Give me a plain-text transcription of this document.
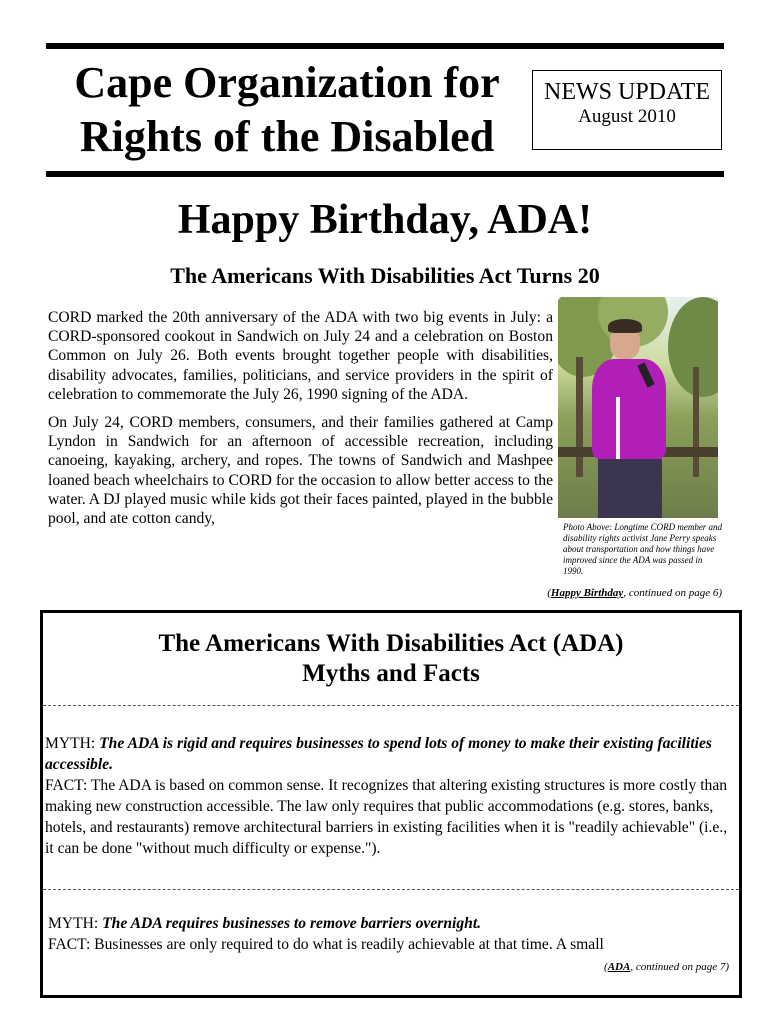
Cape Organization for
Rights of the Disabled
NEWS UPDATE
August 2010
Happy Birthday, ADA!
The Americans With Disabilities Act Turns 20

CORD marked the 20th anniversary of the ADA with two big events in July: a CORD-sponsored cookout in Sandwich on July 24 and a celebration on Boston Common on July 26. Both events brought together people with disabilities, disability advocates, families, politicians, and service providers in the spirit of celebration to commemorate the July 26, 1990 signing of the ADA.

On July 24, CORD members, consumers, and their families gathered at Camp Lyndon in Sandwich for an afternoon of accessible recreation, including canoeing, kayaking, archery, and ropes. The towns of Sandwich and Mashpee loaned beach wheelchairs to CORD for the occasion to allow better access to the water. A DJ played music while kids got their faces painted, played in the bubble pool, and ate cotton candy,	Photo Above: Longtime CORD member and disability rights activist Jane Perry speaks about transportation and how things have improved since the ADA was passed in 1990.
(Happy Birthday, continued on page 6)
The Americans With Disabilities Act (ADA)
Myths and Facts
MYTH: The ADA is rigid and requires businesses to spend lots of money to make their existing facilities accessible.
FACT: The ADA is based on common sense. It recognizes that altering existing structures is more costly than making new construction accessible. The law only requires that public accommodations (e.g. stores, banks, hotels, and restaurants) remove architectural barriers in existing facilities when it is "readily achievable" (i.e., it can be done "without much difficulty or expense.").
MYTH: The ADA requires businesses to remove barriers overnight.
FACT: Businesses are only required to do what is readily achievable at that time. A small
(ADA, continued on page 7)
